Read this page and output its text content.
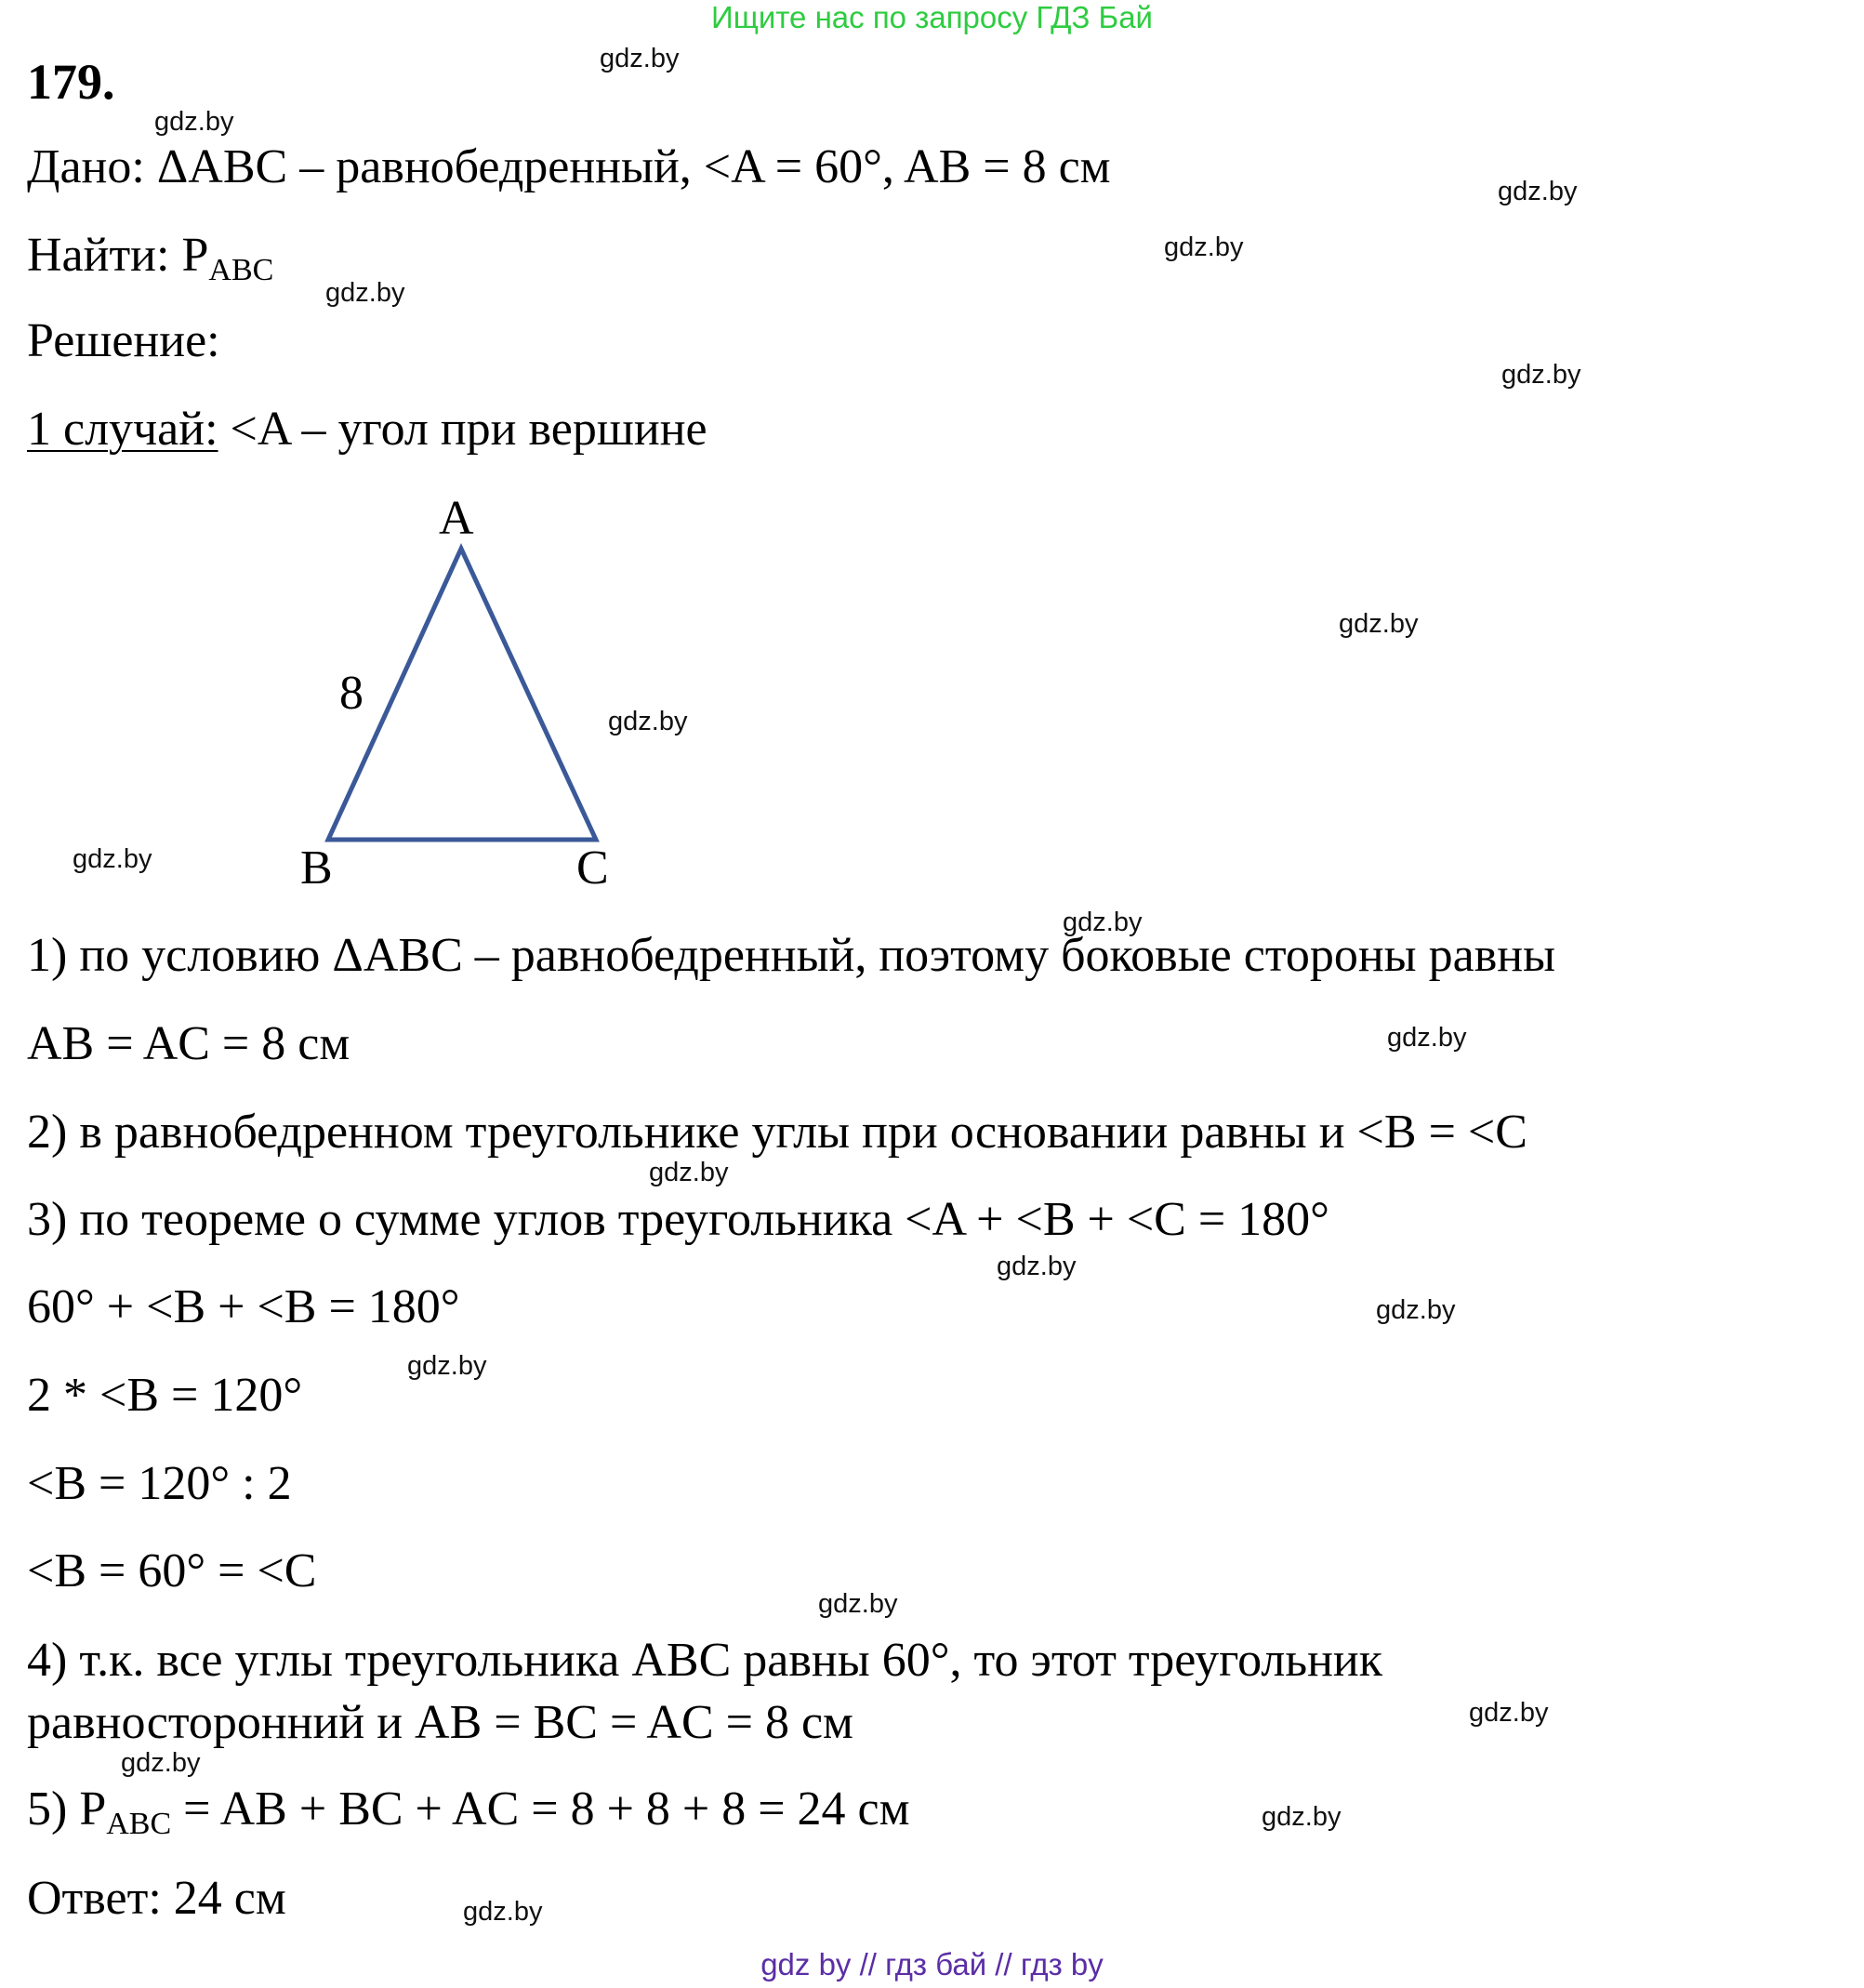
Ищите нас по запросу ГДЗ Бай
179.
Дано: ΔABC – равнобедренный, <A = 60°, AB = 8 см
Найти: $P_{ABC}$
Решение:
1 случай: <A – угол при вершине
A
B	C
8
1) по условию ΔABC – равнобедренный, поэтому боковые стороны равны
AB = AC = 8 см
2) в равнобедренном треугольнике углы при основании равны и <B = <C
3) по теореме о сумме углов треугольника <A + <B + <C = 180°
60° + <B + <B = 180°
2 * <B = 120°
<B = 120° : 2
<B = 60° = <C
4) т.к. все углы треугольника ABC равны 60°, то этот треугольник
равносторонний и AB = BC = AC = 8 см
5) $P_{ABC}$ = AB + BC + AC = 8 + 8 + 8 = 24 см
Ответ: 24 см
gdz.by
gdz.by
gdz.by
gdz.by
gdz.by
gdz.by
gdz.by
gdz.by
gdz.by
gdz.by
gdz.by
gdz.by
gdz.by
gdz.by
gdz.by
gdz.by
gdz.by
gdz.by
gdz.by
gdz.by
gdz by // гдз бай // гдз by
